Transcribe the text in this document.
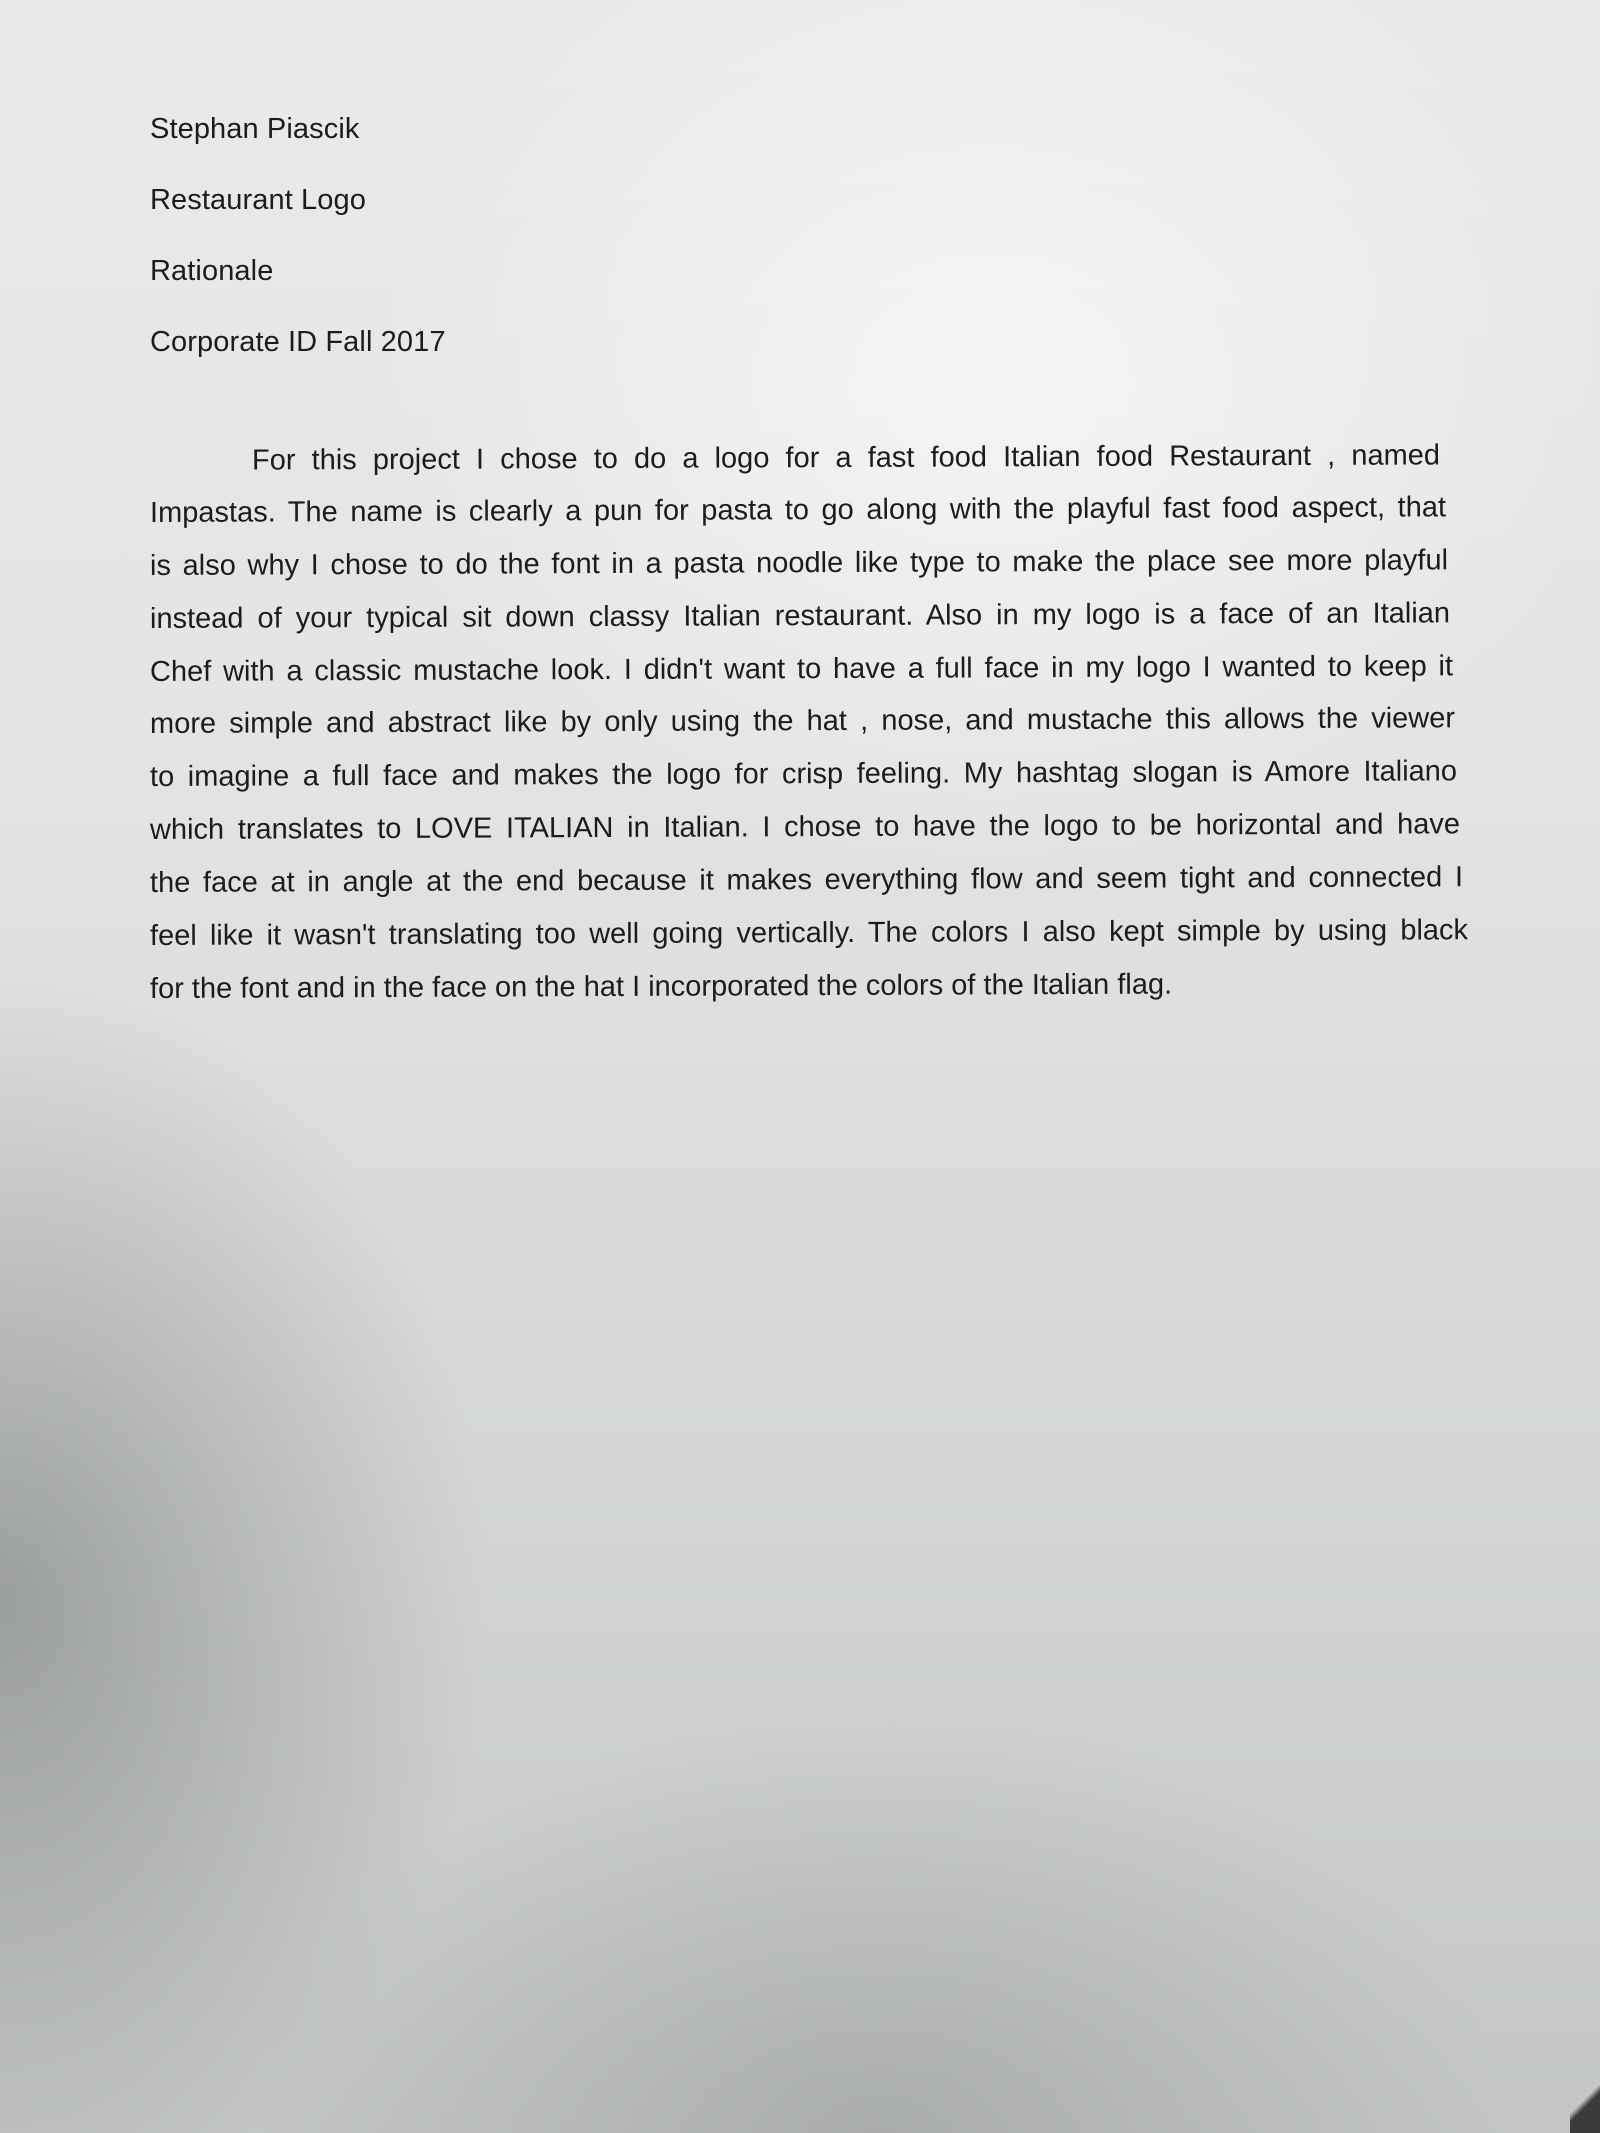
Stephan Piascik

Restaurant Logo

Rationale

Corporate ID Fall 2017

For this project I chose to do a logo for a fast food Italian food Restaurant , named

Impastas. The name is clearly a pun for pasta to go along with the playful fast food aspect, that

is also why I chose to do the font in a pasta noodle like type to make the place see more playful

instead of your typical sit down classy Italian restaurant. Also in my logo is a face of an Italian

Chef with a classic mustache look. I didn't want to have a full face in my logo I wanted to keep it

more simple and abstract like by only using the hat , nose, and mustache this allows the viewer

to imagine a full face and makes the logo for crisp feeling. My hashtag slogan is Amore Italiano

which translates to LOVE ITALIAN in Italian. I chose to have the logo to be horizontal and have

the face at in angle at the end because it makes everything flow and seem tight and connected I

feel like it wasn't translating too well going vertically. The colors I also kept simple by using black

for the font and in the face on the hat I incorporated the colors of the Italian flag.
